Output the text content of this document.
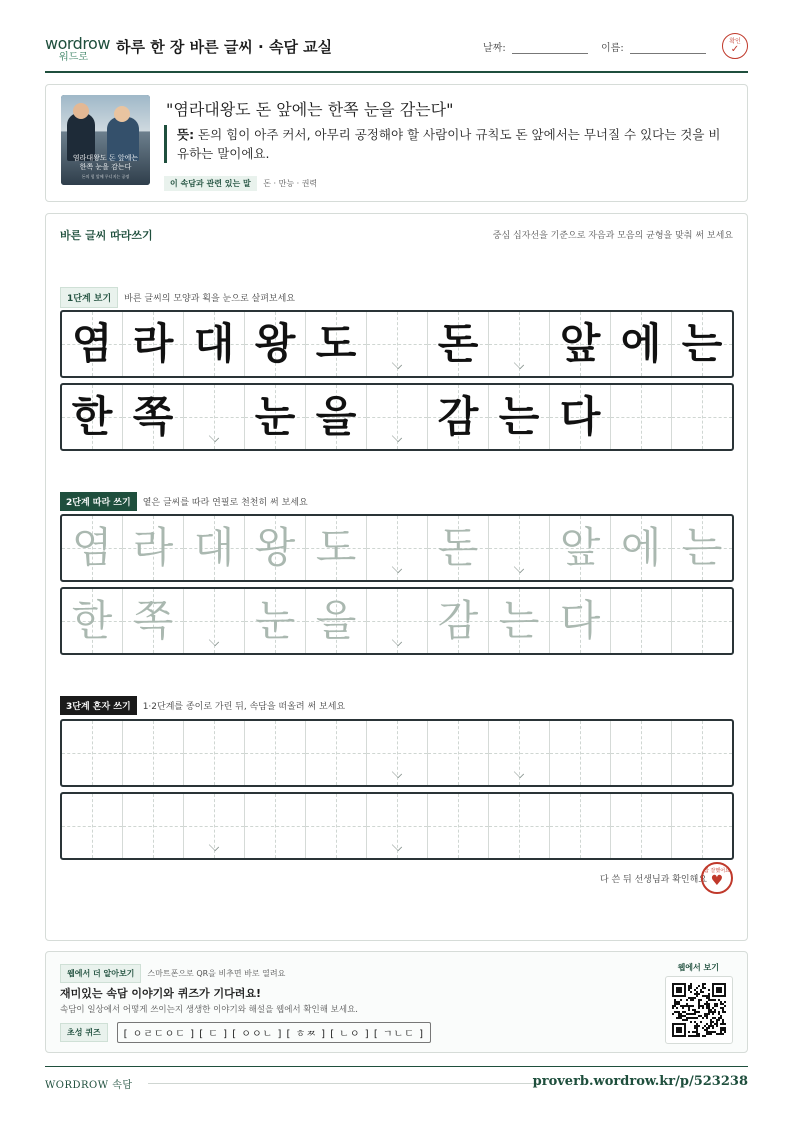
wordrow
워드로
하루 한 장 바른 글씨 · 속담 교실	날짜:	이름:
확인
✓
염라대왕도 돈 앞에는
한쪽 눈을 감는다
돈의 힘 앞에 무너지는 공정
"염라대왕도 돈 앞에는 한쪽 눈을 감는다"
뜻: 돈의 힘이 아주 커서, 아무리 공정해야 할 사람이나 규칙도 돈 앞에서는 무너질 수 있다는 것을 비유하는 말이에요.
이 속담과 관련 있는 말 돈 · 만능 · 권력
바른 글씨 따라쓰기	중심 십자선을 기준으로 자음과 모음의 균형을 맞춰 써 보세요
1단계 보기 바른 글씨의 모양과 획을 눈으로 살펴보세요
염 라 대 왕 도 돈 앞 에 는
한 쪽 눈 을 감 는 다
2단계 따라 쓰기 옅은 글씨를 따라 연필로 천천히 써 보세요
염 라 대 왕 도 돈 앞 에 는
한 쪽 눈 을 감 는 다
3단계 혼자 쓰기 1·2단계를 종이로 가린 뒤, 속담을 떠올려 써 보세요
다 쓴 뒤 선생님과 확인해요
참 잘했어요
♥
웹에서 더 알아보기 스마트폰으로 QR을 비추면 바로 열려요
재미있는 속담 이야기와 퀴즈가 기다려요!
속담이 일상에서 어떻게 쓰이는지 생생한 이야기와 해설을 웹에서 확인해 보세요.
초성 퀴즈 [ ㅇㄹㄷㅇㄷ ] [ ㄷ ] [ ㅇㅇㄴ ] [ ㅎㅉ ] [ ㄴㅇ ] [ ㄱㄴㄷ ]
웹에서 보기
WORDROW 속담	proverb.wordrow.kr/p/523238
